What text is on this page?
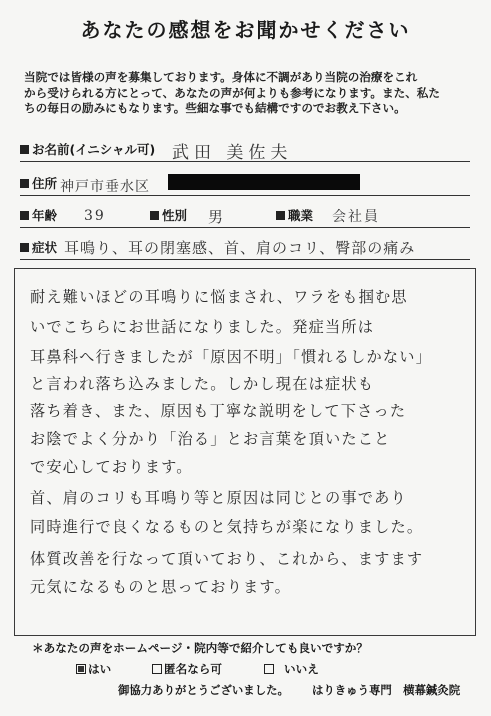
あなたの感想をお聞かせください
当院では皆様の声を募集しております。身体に不調があり当院の治療をこれ
から受けられる方にとって、あなたの声が何よりも参考になります。また、私た
ちの毎日の励みにもなります。些細な事でも結構ですのでお教え下さい。
お名前(イニシャル可) 武田 美佐夫
住所 神戸市垂水区
年齢 39	性別 男	職業 会社員
症状 耳鳴り、耳の閉塞感、首、肩のコリ、臀部の痛み
耐え難いほどの耳鳴りに悩まされ、ワラをも掴む思
いでこちらにお世話になりました。発症当所は
耳鼻科へ行きましたが「原因不明」「慣れるしかない」
と言われ落ち込みました。しかし現在は症状も
落ち着き、また、原因も丁寧な説明をして下さった
お陰でよく分かり「治る」とお言葉を頂いたこと
で安心しております。
首、肩のコリも耳鳴り等と原因は同じとの事であり
同時進行で良くなるものと気持ちが楽になりました。
体質改善を行なって頂いており、これから、ますます
元気になるものと思っております。
＊あなたの声をホームページ・院内等で紹介しても良いですか？
はい	匿名なら可	いいえ
御協力ありがとうございました。 はりきゅう専門　横幕鍼灸院
